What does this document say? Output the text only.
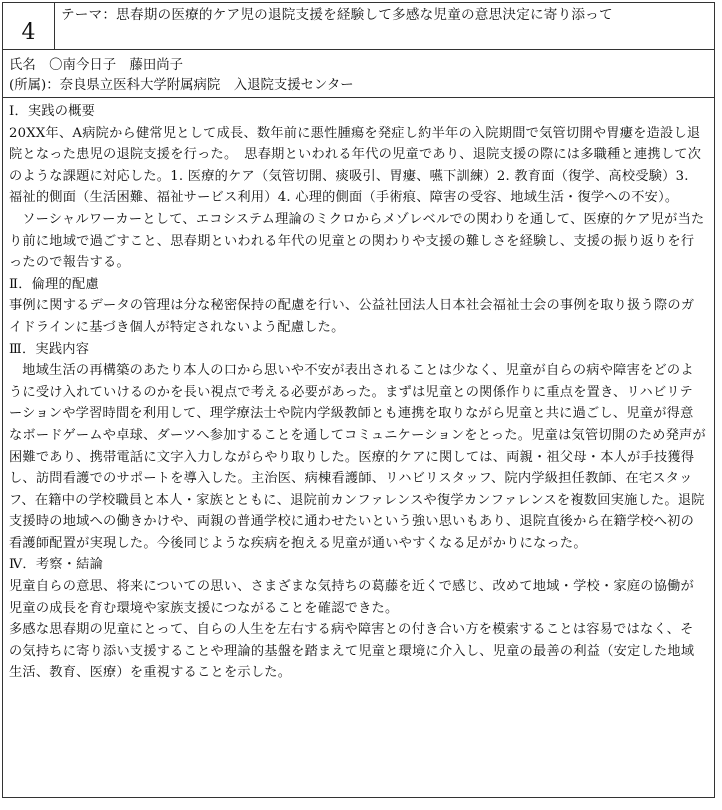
4
テーマ：思春期の医療的ケア児の退院支援を経験して多感な児童の意思決定に寄り添って
氏名　〇南今日子　藤田尚子
(所属)：奈良県立医科大学附属病院　入退院支援センター

Ⅰ．実践の概要

20XX年、A病院から健常児として成長、数年前に悪性腫瘍を発症し約半年の入院期間で気管切開や胃瘻を造設し退院となった患児の退院支援を行った。　思春期といわれる年代の児童であり、退院支援の際には多職種と連携して次のような課題に対応した。1. 医療的ケア（気管切開、痰吸引、胃瘻、嚥下訓練）2. 教育面（復学、高校受験）3. 福祉的側面（生活困難、福祉サービス利用）4. 心理的側面（手術痕、障害の受容、地域生活・復学への不安）。

ソーシャルワーカーとして、エコシステム理論のミクロからメゾレベルでの関わりを通して、医療的ケア児が当たり前に地域で過ごすこと、思春期といわれる年代の児童との関わりや支援の難しさを経験し、支援の振り返りを行ったので報告する。

Ⅱ．倫理的配慮

事例に関するデータの管理は分な秘密保持の配慮を行い、公益社団法人日本社会福祉士会の事例を取り扱う際のガイドラインに基づき個人が特定されないよう配慮した。

Ⅲ．実践内容

地域生活の再構築のあたり本人の口から思いや不安が表出されることは少なく、児童が自らの病や障害をどのように受け入れていけるのかを長い視点で考える必要があった。まずは児童との関係作りに重点を置き、リハビリテーションや学習時間を利用して、理学療法士や院内学級教師とも連携を取りながら児童と共に過ごし、児童が得意なボードゲームや卓球、ダーツへ参加することを通してコミュニケーションをとった。児童は気管切開のため発声が困難であり、携帯電話に文字入力しながらやり取りした。医療的ケアに関しては、両親・祖父母・本人が手技獲得し、訪問看護でのサポートを導入した。主治医、病棟看護師、リハビリスタッフ、院内学級担任教師、在宅スタッフ、在籍中の学校職員と本人・家族とともに、退院前カンファレンスや復学カンファレンスを複数回実施した。退院支援時の地域への働きかけや、両親の普通学校に通わせたいという強い思いもあり、退院直後から在籍学校へ初の看護師配置が実現した。今後同じような疾病を抱える児童が通いやすくなる足がかりになった。

Ⅳ．考察・結論

児童自らの意思、将来についての思い、さまざまな気持ちの葛藤を近くで感じ、改めて地域・学校・家庭の協働が児童の成長を育む環境や家族支援につながることを確認できた。

多感な思春期の児童にとって、自らの人生を左右する病や障害との付き合い方を模索することは容易ではなく、その気持ちに寄り添い支援することや理論的基盤を踏まえて児童と環境に介入し、児童の最善の利益（安定した地域生活、教育、医療）を重視することを示した。
